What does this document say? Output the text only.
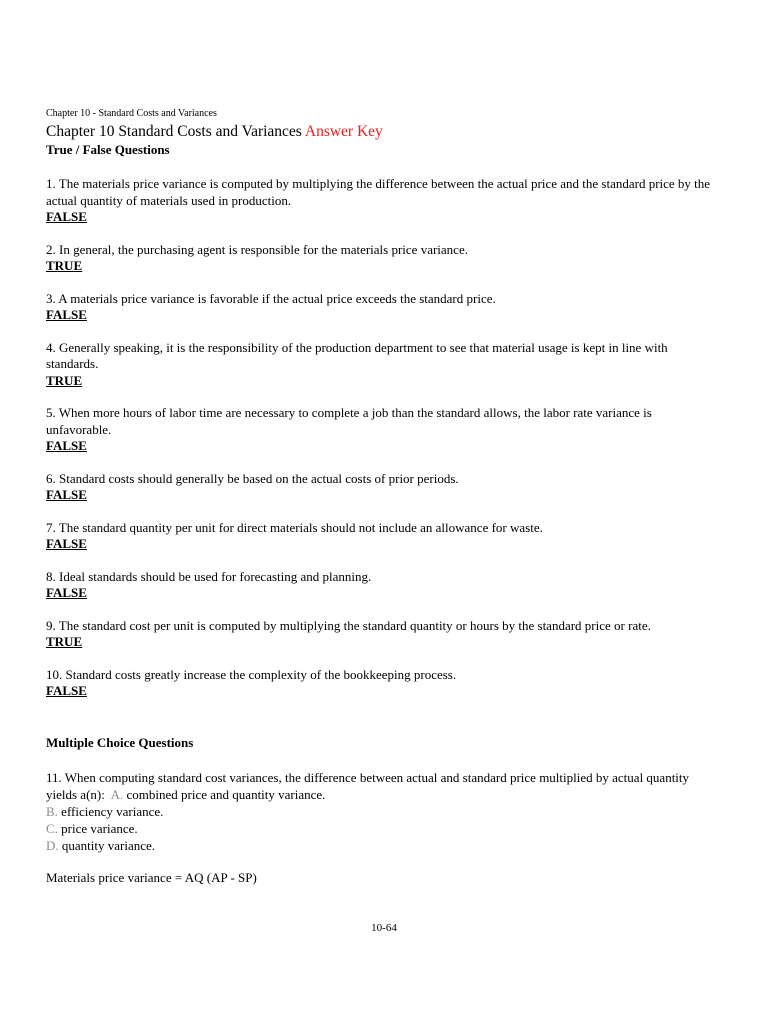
Chapter 10 - Standard Costs and Variances
Chapter 10 Standard Costs and Variances Answer Key
True / False Questions
1. The materials price variance is computed by multiplying the difference between the actual price and the standard price by the actual quantity of materials used in production.
FALSE
2. In general, the purchasing agent is responsible for the materials price variance.
TRUE
3. A materials price variance is favorable if the actual price exceeds the standard price.
FALSE
4. Generally speaking, it is the responsibility of the production department to see that material usage is kept in line with standards.
TRUE
5. When more hours of labor time are necessary to complete a job than the standard allows, the labor rate variance is unfavorable.
FALSE
6. Standard costs should generally be based on the actual costs of prior periods.
FALSE
7. The standard quantity per unit for direct materials should not include an allowance for waste.
FALSE
8. Ideal standards should be used for forecasting and planning.
FALSE
9. The standard cost per unit is computed by multiplying the standard quantity or hours by the standard price or rate.
TRUE
10. Standard costs greatly increase the complexity of the bookkeeping process.
FALSE
Multiple Choice Questions
11. When computing standard cost variances, the difference between actual and standard price multiplied by actual quantity yields a(n): A. combined price and quantity variance.
B. efficiency variance.
C. price variance.
D. quantity variance.
Materials price variance = AQ (AP - SP)
10-64
